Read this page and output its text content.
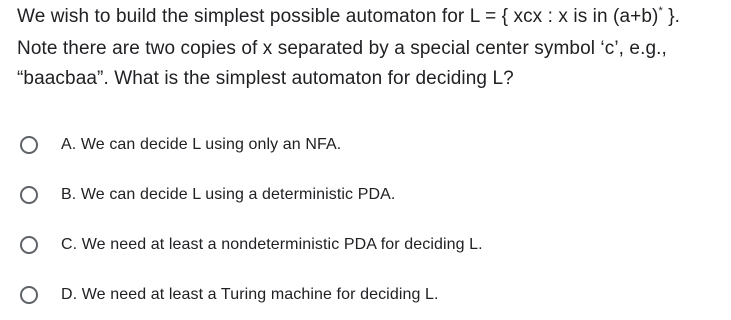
We wish to build the simplest possible automaton for L = { xcx : x is in (a+b)* }.

Note there are two copies of x separated by a special center symbol ‘c’, e.g.,

“baacbaa”. What is the simplest automaton for deciding L?

A. We can decide L using only an NFA.
B. We can decide L using a deterministic PDA.
C. We need at least a nondeterministic PDA for deciding L.
D. We need at least a Turing machine for deciding L.
